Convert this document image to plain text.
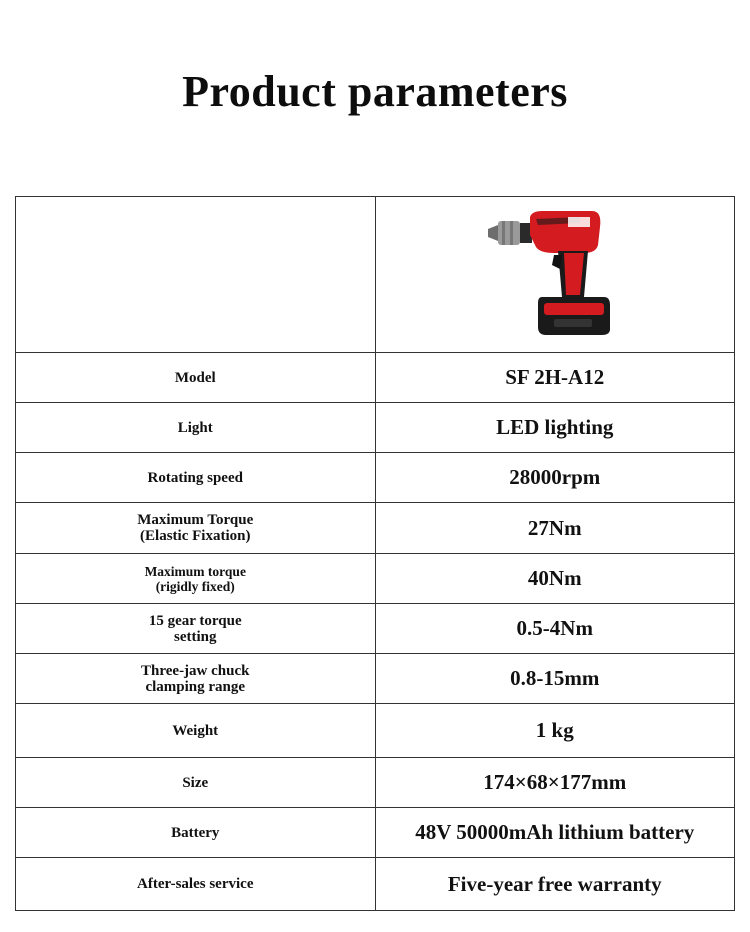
Product parameters

Model	SF 2H-A12
Light	LED lighting
Rotating speed	28000rpm
Maximum Torque
(Elastic Fixation)	27Nm
Maximum torque
(rigidly fixed)	40Nm
15 gear torque
setting	0.5-4Nm
Three-jaw chuck
clamping range	0.8-15mm
Weight	1 kg
Size	174×68×177mm
Battery	48V 50000mAh lithium battery
After-sales service	Five-year free warranty
